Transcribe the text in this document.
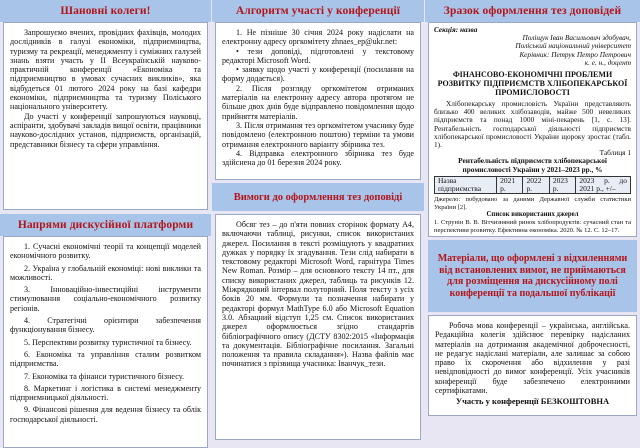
Шановні колеги!

Запрошуємо вчених, провідних фахівців, молодих дослідників в галузі економіки, підприємництва, туризму та рекреації, менеджменту і суміжних галузей знань взяти участь у ІІ Всеукраїнській науково-практичній конференції «Економіка та підприємництво в умовах сучасних викликів», яка відбудеться 01 лютого 2024 року на базі кафедри економіки, підприємництва та туризму Поліського національного університету.

До участі у конференції запрошуються науковці, аспіранти, здобувачі закладів вищої освіти, працівники науково-дослідних установ, підприємств, організацій, представники бізнесу та сфери управління.

Напрями дискусійної платформи
1. Сучасні економічні теорії та концепції моделей економічного розвитку.
2. Україна у глобальній економіці: нові виклики та можливості.
3. Інноваційно-інвестиційні інструменти стимулювання соціально-економічного розвитку регіонів.
4. Стратегічні орієнтири забезпечення функціонування бізнесу.
5. Перспективи розвитку туристичної та бізнесу.
6. Економіка та управління сталим розвитком підприємства.
7. Економіка та фінанси туристичного бізнесу.
8. Маркетинг і логістика в системі менеджменту підприємницької діяльності.
9. Фінансові рішення для ведення бізнесу та облік господарської діяльності.
Алгоритм участі у конференції

1. Не пізніше 30 січня 2024 року надіслати на електронну адресу оргкомітету zhnaes_ep@ukr.net:

• тези доповіді, підготовлені у текстовому редакторі Microsoft Word.

• заявку щодо участі у конференції (посилання на форму додається).

2. Після розгляду оргкомітетом отриманих матеріалів на електронну адресу автора протягом не більше двох днів буде відправлено повідомлення щодо прийняття матеріалів.

3. Після отримання тез оргкомітетом учаснику буде повідомлено (електронною поштою) терміни та умови отримання електронного варіанту збірника тез.

4. Відправка електронного збірника тез буде здійснена до 01 березня 2024 року.

Вимоги до оформлення тез доповіді

Обсяг тез – до п'яти повних сторінок формату А4, включаючи таблиці, рисунки, список використаних джерел. Посилання в тексті розміщують у квадратних дужках у порядку їх згадування. Тези слід набирати в текстовому редакторі Microsoft Word, гарнітура Times New Roman. Розмір – для основного тексту 14 пт., для списку використаних джерел, таблиць та рисунків 12. Міжрядковий інтервал полуторний. Поля тексту з усіх боків 20 мм. Формули та позначення набирати у редакторі формул MathType 6.0 або Microsoft Equation 3.0. Абзацний відступ 1,25 см. Список використаних джерел оформлюється згідно стандартів бібліографічного опису (ДСТУ 8302:2015 «Інформація та документація. Бібліографічне посилання. Загальні положення та правила складання»). Назва файлів має починатися з прізвища учасника: Іванчук_тези.

Зразок оформлення тез доповідей
Секція: назва
Поліщук Іван Васильович здобувач,
Поліський національний університет
Керівник: Петрук Петро Петрович
к. е. н., доцент
ФІНАНСОВО-ЕКОНОМІЧНІ ПРОБЛЕМИ РОЗВИТКУ ПІДПРИЄМСТВ ХЛІБОПЕКАРСЬКОЇ ПРОМИСЛОВОСТІ

Хлібопекарську промисловість України представляють близько 400 великих хлібозаводів, майже 500 невеликих підприємств та понад 1000 міні-пекарень [1, с. 13]. Рентабельність господарської діяльності підприємств хлібопекарської промисловості України щороку зростає (табл. 1).

Таблиця 1
Рентабельність підприємств хлібопекарської промисловості України у 2021–2023 рр., %
Назва підприємства	2021 р.	2022 р.	2023 р.	2023 р. до 2021 р., +/–
Джерело: побудовано за даними Державної служби статистики України [2].
Список використаних джерел
1. Струнін В. В. Вітчизняний ринок хлібопродуктів: сучасний стан та перспективи розвитку. Ефективна економіка. 2020. № 12. С. 12–17.
Матеріали, що оформлені з відхиленнями від встановлених вимог, не приймаються для розміщення на дискусійному полі конференції та подальшої публікації

Робоча мова конференції – українська, англійська. Редакційна колегія здійснює перевірку надісланих матеріалів на дотримання академічної доброчесності, не редагує надіслані матеріали, але залишає за собою право їх скорочення або відхилення у разі невідповідності до вимог конференції. Усіх учасників конференції буде забезпечено електронними сертифікатами.

Участь у конференції БЕЗКОШТОВНА
